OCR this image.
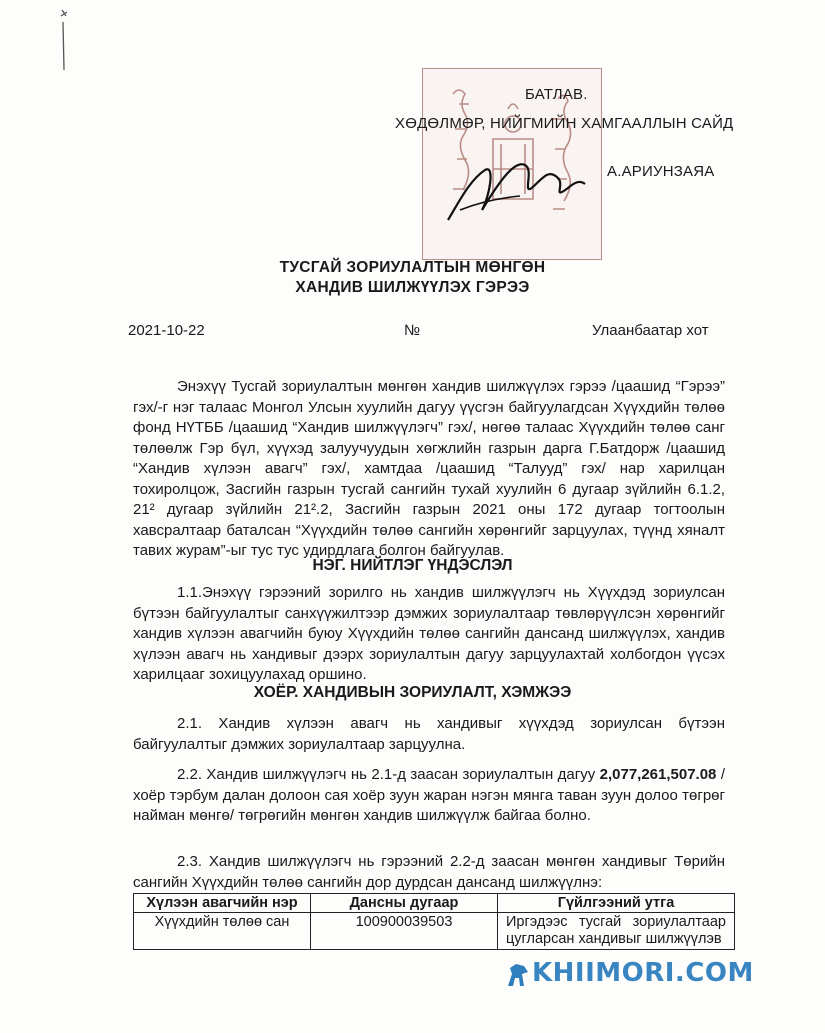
БАТЛАВ.
ХӨДӨЛМӨР, НИЙГМИЙН ХАМГААЛЛЫН САЙД
А.АРИУНЗАЯА
ТУСГАЙ ЗОРИУЛАЛТЫН МӨНГӨН
ХАНДИВ ШИЛЖҮҮЛЭХ ГЭРЭЭ
2021-10-22	№	Улаанбаатар хот
Энэхүү Тусгай зориулалтын мөнгөн хандив шилжүүлэх гэрээ /цаашид “Гэрээ” гэх/-г нэг талаас Монгол Улсын хуулийн дагуу үүсгэн байгуулагдсан Хүүхдийн төлөө фонд НҮТББ /цаашид “Хандив шилжүүлэгч” гэх/, нөгөө талаас Хүүхдийн төлөө санг төлөөлж Гэр бүл, хүүхэд залуучуудын хөгжлийн газрын дарга Г.Батдорж /цаашид “Хандив хүлээн авагч” гэх/, хамтдаа /цаашид “Талууд” гэх/ нар харилцан тохиролцож, Засгийн газрын тусгай сангийн тухай хуулийн 6 дугаар зүйлийн 6.1.2, 21² дугаар зүйлийн 21².2, Засгийн газрын 2021 оны 172 дугаар тогтоолын хавсралтаар баталсан “Хүүхдийн төлөө сангийн хөрөнгийг зарцуулах, түүнд хяналт тавих журам”-ыг тус тус удирдлага болгон байгуулав.
НЭГ. НИЙТЛЭГ ҮНДЭСЛЭЛ
1.1.Энэхүү гэрээний зорилго нь хандив шилжүүлэгч нь Хүүхдэд зориулсан бүтээн байгуулалтыг санхүүжилтээр дэмжих зориулалтаар төвлөрүүлсэн хөрөнгийг хандив хүлээн авагчийн буюу Хүүхдийн төлөө сангийн дансанд шилжүүлэх, хандив хүлээн авагч нь хандивыг дээрх зориулалтын дагуу зарцуулахтай холбогдон үүсэх харилцааг зохицуулахад оршино.
ХОЁР. ХАНДИВЫН ЗОРИУЛАЛТ, ХЭМЖЭЭ
2.1. Хандив хүлээн авагч нь хандивыг хүүхдэд зориулсан бүтээн байгуулалтыг дэмжих зориулалтаар зарцуулна.
2.2. Хандив шилжүүлэгч нь 2.1-д заасан зориулалтын дагуу 2,077,261,507.08 /хоёр тэрбум далан долоон сая хоёр зуун жаран нэгэн мянга таван зуун долоо төгрөг найман мөнгө/ төгрөгийн мөнгөн хандив шилжүүлж байгаа болно.
2.3. Хандив шилжүүлэгч нь гэрээний 2.2-д заасан мөнгөн хандивыг Төрийн сангийн Хүүхдийн төлөө сангийн дор дурдсан дансанд шилжүүлнэ:
Хүлээн авагчийн нэр	Дансны дугаар	Гүйлгээний утга
Хүүхдийн төлөө сан	100900039503	Иргэдээс тусгай зориулалтаар цугларсан хандивыг шилжүүлэв
KHIIMORI.COM
